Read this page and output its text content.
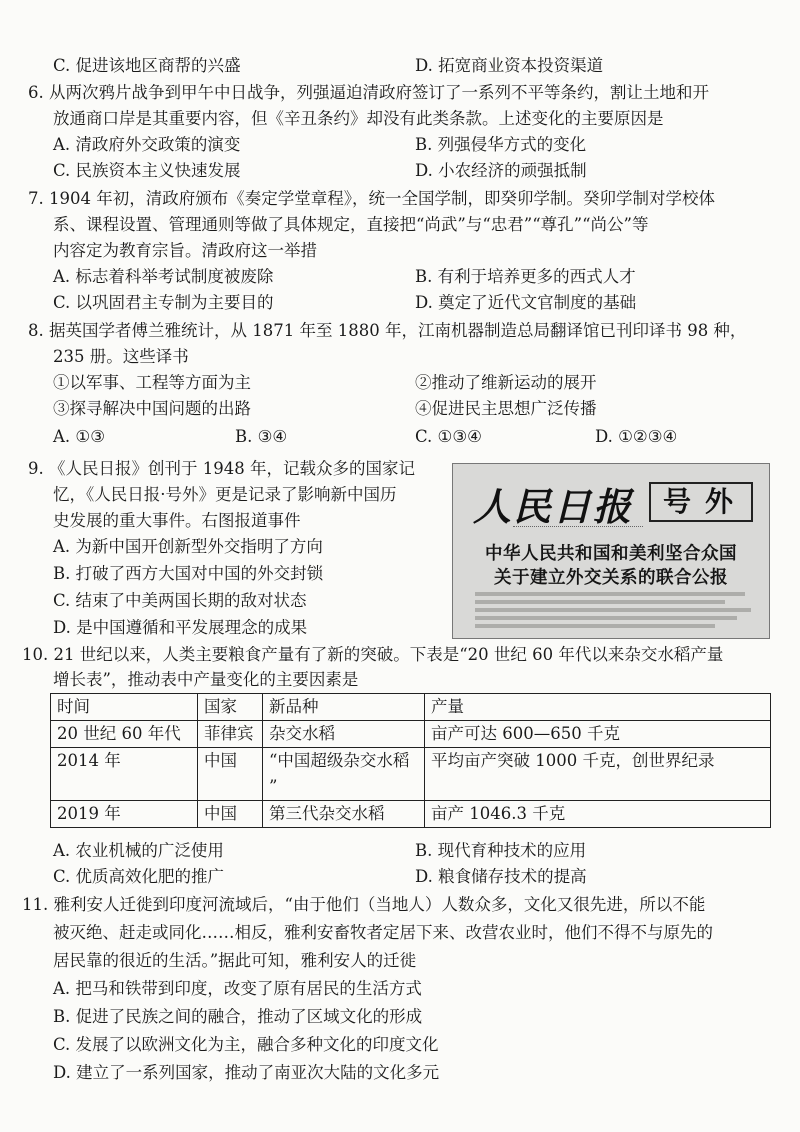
C. 促进该地区商帮的兴盛	D. 拓宽商业资本投资渠道
6. 从两次鸦片战争到甲午中日战争，列强逼迫清政府签订了一系列不平等条约，割让土地和开
放通商口岸是其重要内容，但《辛丑条约》却没有此类条款。上述变化的主要原因是
A. 清政府外交政策的演变	B. 列强侵华方式的变化
C. 民族资本主义快速发展	D. 小农经济的顽强抵制
7. 1904 年初，清政府颁布《奏定学堂章程》，统一全国学制，即癸卯学制。癸卯学制对学校体
系、课程设置、管理通则等做了具体规定，直接把“尚武”与“忠君”“尊孔”“尚公”等
内容定为教育宗旨。清政府这一举措
A. 标志着科举考试制度被废除	B. 有利于培养更多的西式人才
C. 以巩固君主专制为主要目的	D. 奠定了近代文官制度的基础
8. 据英国学者傅兰雅统计，从 1871 年至 1880 年，江南机器制造总局翻译馆已刊印译书 98 种，
235 册。这些译书
①以军事、工程等方面为主	②推动了维新运动的展开
③探寻解决中国问题的出路	④促进民主思想广泛传播
A. ①③	B. ③④	C. ①③④	D. ①②③④
9. 《人民日报》创刊于 1948 年，记载众多的国家记
忆，《人民日报·号外》更是记录了影响新中国历
史发展的重大事件。右图报道事件
A. 为新中国开创新型外交指明了方向
B. 打破了西方大国对中国的外交封锁
C. 结束了中美两国长期的敌对状态
D. 是中国遵循和平发展理念的成果
人民日报	号外
中华人民共和国和美利坚合众国
关于建立外交关系的联合公报
10. 21 世纪以来，人类主要粮食产量有了新的突破。下表是“20 世纪 60 年代以来杂交水稻产量
增长表”，推动表中产量变化的主要因素是
时间	国家	新品种	产量
20 世纪 60 年代	菲律宾	杂交水稻	亩产可达 600—650 千克
2014 年	中国	“中国超级杂交水稻 ”	平均亩产突破 1000 千克，创世界纪录
2019 年	中国	第三代杂交水稻	亩产 1046.3 千克
A. 农业机械的广泛使用	B. 现代育种技术的应用
C. 优质高效化肥的推广	D. 粮食储存技术的提高
11. 雅利安人迁徙到印度河流域后，“由于他们（当地人）人数众多，文化又很先进，所以不能
被灭绝、赶走或同化……相反，雅利安畜牧者定居下来、改营农业时，他们不得不与原先的
居民靠的很近的生活。”据此可知，雅利安人的迁徙
A. 把马和铁带到印度，改变了原有居民的生活方式
B. 促进了民族之间的融合，推动了区域文化的形成
C. 发展了以欧洲文化为主，融合多种文化的印度文化
D. 建立了一系列国家，推动了南亚次大陆的文化多元
